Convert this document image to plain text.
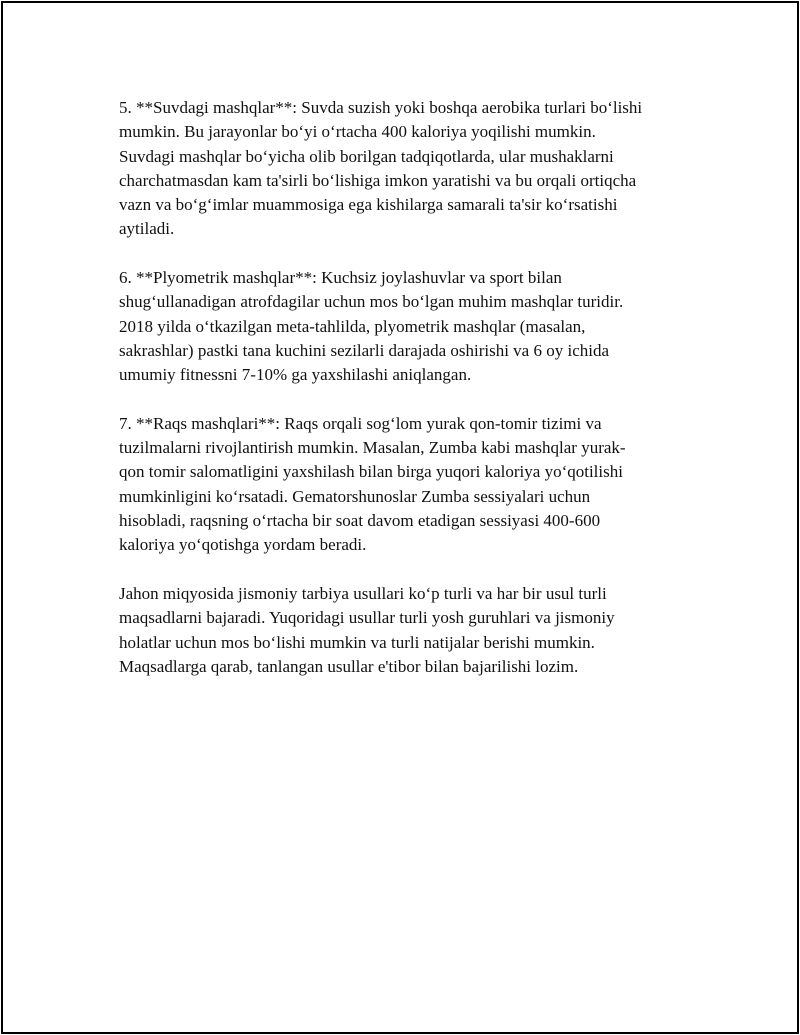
5. **Suvdagi mashqlar**: Suvda suzish yoki boshqa aerobika turlari bo‘lishi
mumkin. Bu jarayonlar bo‘yi o‘rtacha 400 kaloriya yoqilishi mumkin.
Suvdagi mashqlar bo‘yicha olib borilgan tadqiqotlarda, ular mushaklarni
charchatmasdan kam ta'sirli bo‘lishiga imkon yaratishi va bu orqali ortiqcha
vazn va bo‘g‘imlar muammosiga ega kishilarga samarali ta'sir ko‘rsatishi
aytiladi.

6. **Plyometrik mashqlar**: Kuchsiz joylashuvlar va sport bilan
shug‘ullanadigan atrofdagilar uchun mos bo‘lgan muhim mashqlar turidir.
2018 yilda o‘tkazilgan meta-tahlilda, plyometrik mashqlar (masalan,
sakrashlar) pastki tana kuchini sezilarli darajada oshirishi va 6 oy ichida
umumiy fitnessni 7-10% ga yaxshilashi aniqlangan.

7. **Raqs mashqlari**: Raqs orqali sog‘lom yurak qon-tomir tizimi va
tuzilmalarni rivojlantirish mumkin. Masalan, Zumba kabi mashqlar yurak-
qon tomir salomatligini yaxshilash bilan birga yuqori kaloriya yo‘qotilishi
mumkinligini ko‘rsatadi. Gematorshunoslar Zumba sessiyalari uchun
hisobladi, raqsning o‘rtacha bir soat davom etadigan sessiyasi 400-600
kaloriya yo‘qotishga yordam beradi.

Jahon miqyosida jismoniy tarbiya usullari ko‘p turli va har bir usul turli
maqsadlarni bajaradi. Yuqoridagi usullar turli yosh guruhlari va jismoniy
holatlar uchun mos bo‘lishi mumkin va turli natijalar berishi mumkin.
Maqsadlarga qarab, tanlangan usullar e'tibor bilan bajarilishi lozim.
